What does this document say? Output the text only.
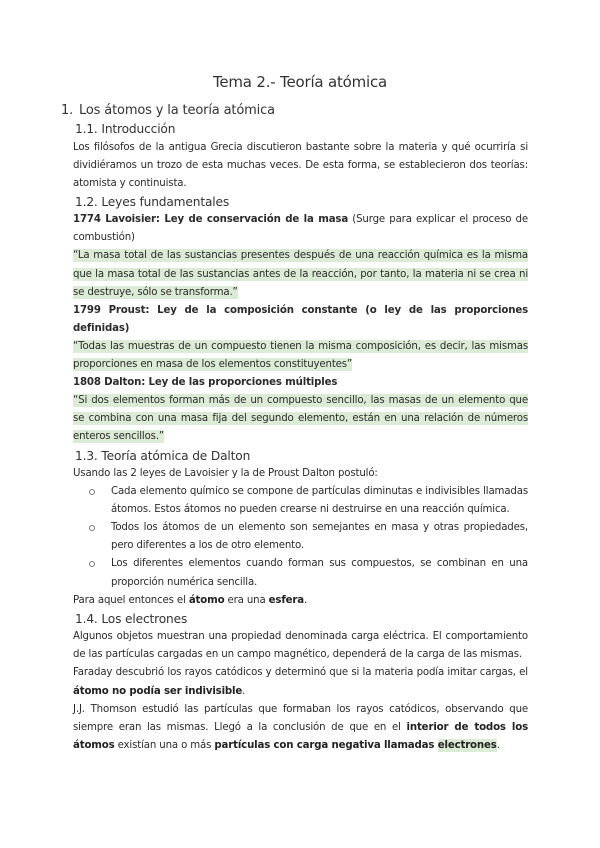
Tema 2.- Teoría atómica
1. Los átomos y la teoría atómica
1.1. Introducción

Los filósofos de la antigua Grecia discutieron bastante sobre la materia y qué ocurriría si dividiéramos un trozo de esta muchas veces. De esta forma, se establecieron dos teorías: atomista y continuista.

1.2. Leyes fundamentales

1774 Lavoisier: Ley de conservación de la masa (Surge para explicar el proceso de combustión)

“La masa total de las sustancias presentes después de una reacción química es la misma que la masa total de las sustancias antes de la reacción, por tanto, la materia ni se crea ni se destruye, sólo se transforma.”

1799 Proust: Ley de la composición constante (o ley de las proporciones definidas)

“Todas las muestras de un compuesto tienen la misma composición, es decir, las mismas proporciones en masa de los elementos constituyentes”

1808 Dalton: Ley de las proporciones múltiples

“Si dos elementos forman más de un compuesto sencillo, las masas de un elemento que se combina con una masa fija del segundo elemento, están en una relación de números enteros sencillos.”

1.3. Teoría atómica de Dalton

Usando las 2 leyes de Lavoisier y la de Proust Dalton postuló:

Cada elemento químico se compone de partículas diminutas e indivisibles llamadas átomos. Estos átomos no pueden crearse ni destruirse en una reacción química.
Todos los átomos de un elemento son semejantes en masa y otras propiedades, pero diferentes a los de otro elemento.
Los diferentes elementos cuando forman sus compuestos, se combinan en una proporción numérica sencilla.

Para aquel entonces el átomo era una esfera.

1.4. Los electrones

Algunos objetos muestran una propiedad denominada carga eléctrica. El comportamiento de las partículas cargadas en un campo magnético, dependerá de la carga de las mismas.

Faraday descubrió los rayos catódicos y determinó que si la materia podía imitar cargas, el átomo no podía ser indivisible.

J.J. Thomson estudió las partículas que formaban los rayos catódicos, observando que siempre eran las mismas. Llegó a la conclusión de que en el interior de todos los átomos existían una o más partículas con carga negativa llamadas electrones.
